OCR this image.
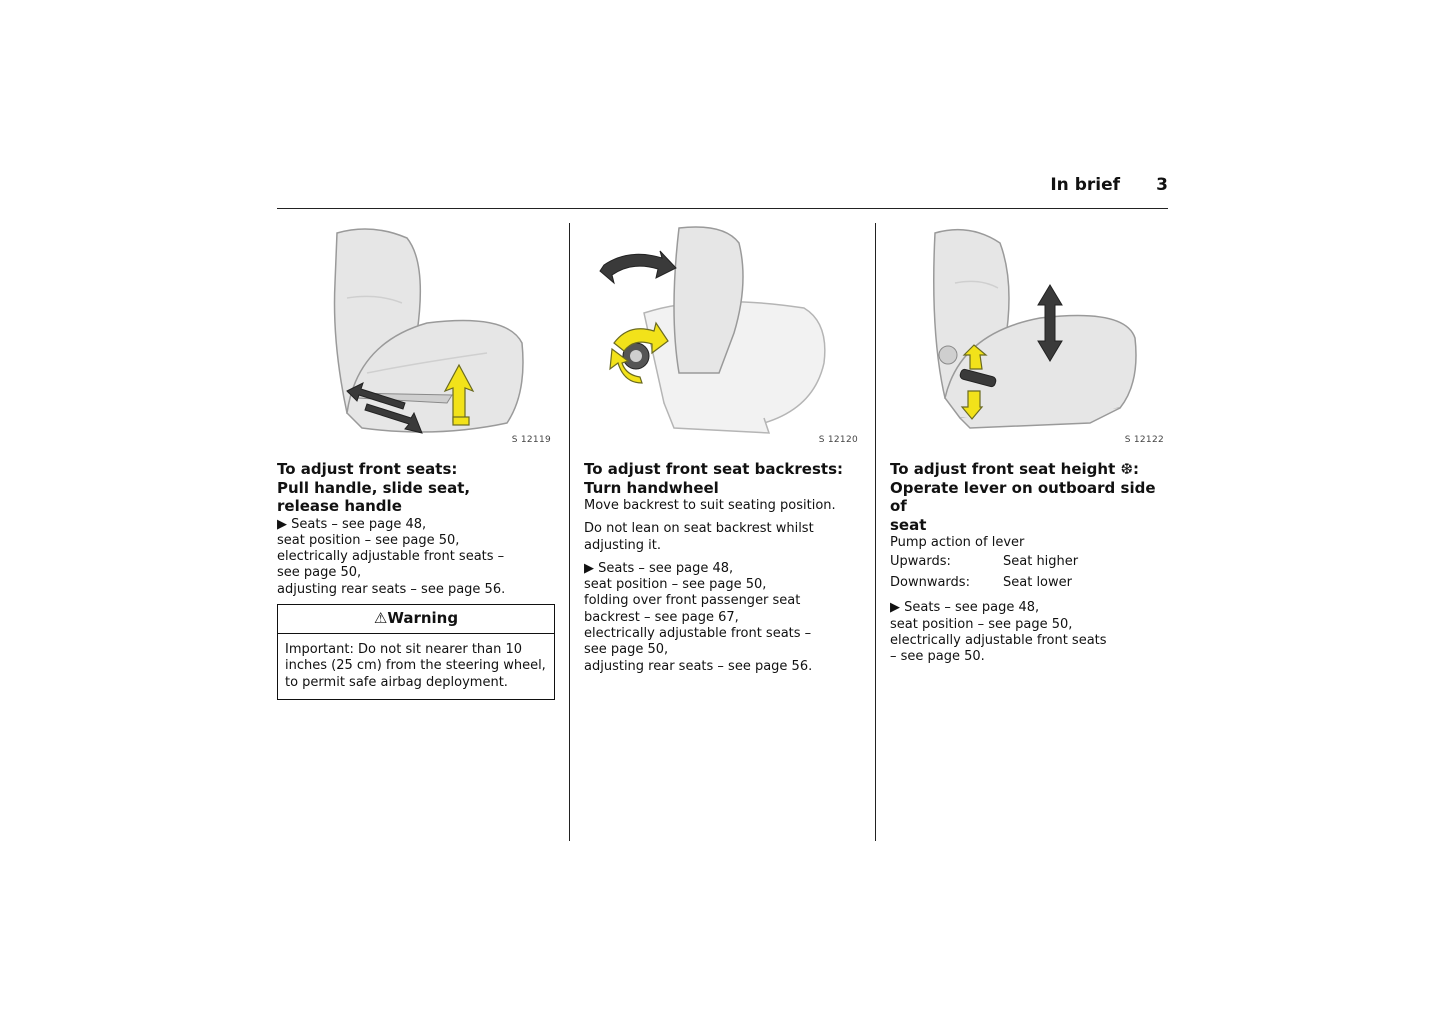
In brief	3
S 12119
To adjust front seats:
Pull handle, slide seat,
release handle
▶ Seats – see page 48,
seat position – see page 50,
electrically adjustable front seats –
see page 50,
adjusting rear seats – see page 56.
⚠Warning
Important: Do not sit nearer than 10 inches (25 cm) from the steering wheel, to permit safe airbag deployment.
S 12120
To adjust front seat backrests:
Turn handwheel
Move backrest to suit seating position.
Do not lean on seat backrest whilst
adjusting it.
▶ Seats – see page 48,
seat position – see page 50,
folding over front passenger seat
backrest – see page 67,
electrically adjustable front seats –
see page 50,
adjusting rear seats – see page 56.
S 12122
To adjust front seat height ❆:
Operate lever on outboard side of
seat
Pump action of lever
Upwards:	Seat higher
Downwards:	Seat lower
▶ Seats – see page 48,
seat position – see page 50,
electrically adjustable front seats
– see page 50.
